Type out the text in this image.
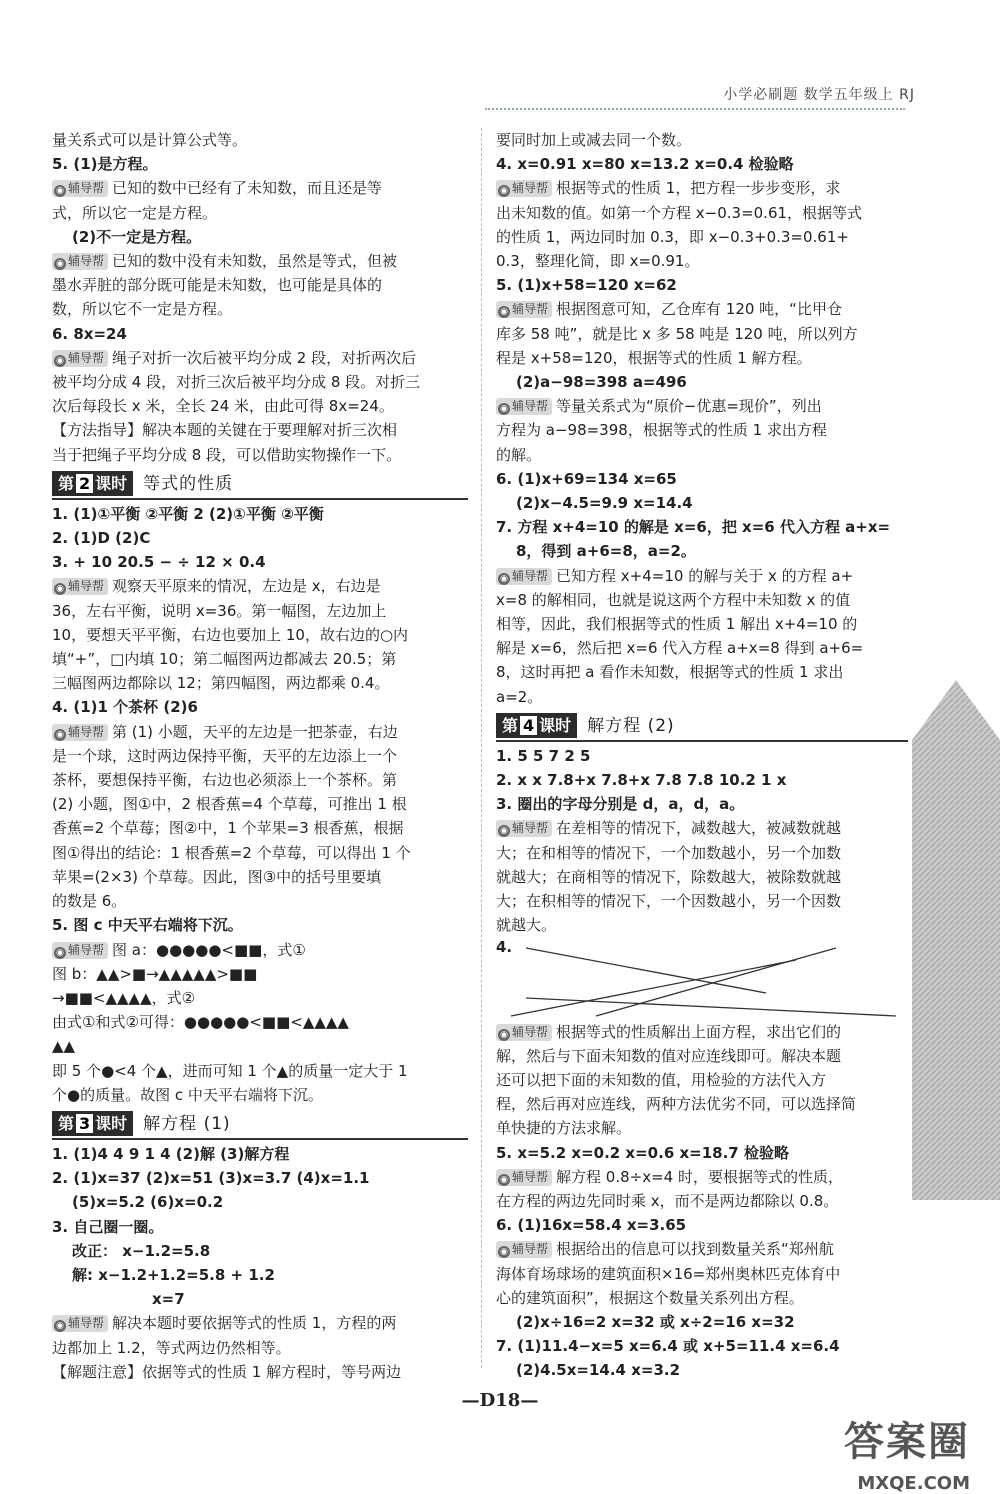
小学必刷题 数学五年级上 RJ
量关系式可以是计算公式等。
5. (1)是方程。
◉ 辅导帮 已知的数中已经有了未知数，而且还是等
式，所以它一定是方程。
(2)不一定是方程。
◉ 辅导帮 已知的数中没有未知数，虽然是等式，但被
墨水弄脏的部分既可能是未知数，也可能是具体的
数，所以它不一定是方程。
6. 8x=24
◉ 辅导帮 绳子对折一次后被平均分成 2 段，对折两次后
被平均分成 4 段，对折三次后被平均分成 8 段。对折三
次后每段长 x 米，全长 24 米，由此可得 8x=24。
【方法指导】解决本题的关键在于要理解对折三次相
当于把绳子平均分成 8 段，可以借助实物操作一下。
第 2 课时 等式的性质
1. (1)①平衡 ②平衡 2 (2)①平衡 ②平衡
2. (1)D (2)C
3. + 10 20.5 − ÷ 12 × 0.4
◉ 辅导帮 观察天平原来的情况，左边是 x，右边是
36，左右平衡，说明 x=36。第一幅图，左边加上
10，要想天平平衡，右边也要加上 10，故右边的○内
填“+”，□内填 10；第二幅图两边都减去 20.5；第
三幅图两边都除以 12；第四幅图，两边都乘 0.4。
4. (1)1 个茶杯 (2)6
◉ 辅导帮 第 (1) 小题，天平的左边是一把茶壶，右边
是一个球，这时两边保持平衡，天平的左边添上一个
茶杯，要想保持平衡，右边也必须添上一个茶杯。第
(2) 小题，图①中，2 根香蕉=4 个草莓，可推出 1 根
香蕉=2 个草莓；图②中，1 个苹果=3 根香蕉，根据
图①得出的结论：1 根香蕉=2 个草莓，可以得出 1 个
苹果=(2×3) 个草莓。因此，图③中的括号里要填
的数是 6。
5. 图 c 中天平右端将下沉。
◉ 辅导帮 图 a：●●●●●<■■，式①
图 b：▲▲>■→▲▲▲▲▲>■■
→■■<▲▲▲▲，式②
由式①和式②可得：●●●●●<■■<▲▲▲▲
▲▲
即 5 个●<4 个▲，进而可知 1 个▲的质量一定大于 1
个●的质量。故图 c 中天平右端将下沉。
第 3 课时 解方程 (1)
1. (1)4 4 9 1 4 (2)解 (3)解方程
2. (1)x=37 (2)x=51 (3)x=3.7 (4)x=1.1
(5)x=5.2 (6)x=0.2
3. 自己圈一圈。
改正： x−1.2=5.8
解: x−1.2+1.2=5.8 + 1.2
x=7
◉ 辅导帮 解决本题时要依据等式的性质 1，方程的两
边都加上 1.2，等式两边仍然相等。
【解题注意】依据等式的性质 1 解方程时，等号两边
要同时加上或减去同一个数。
4. x=0.91 x=80 x=13.2 x=0.4 检验略
◉ 辅导帮 根据等式的性质 1，把方程一步步变形，求
出未知数的值。如第一个方程 x−0.3=0.61，根据等式
的性质 1，两边同时加 0.3，即 x−0.3+0.3=0.61+
0.3，整理化简，即 x=0.91。
5. (1)x+58=120 x=62
◉ 辅导帮 根据图意可知，乙仓库有 120 吨，“比甲仓
库多 58 吨”，就是比 x 多 58 吨是 120 吨，所以列方
程是 x+58=120，根据等式的性质 1 解方程。
(2)a−98=398 a=496
◉ 辅导帮 等量关系式为“原价−优惠=现价”，列出
方程为 a−98=398，根据等式的性质 1 求出方程
的解。
6. (1)x+69=134 x=65
(2)x−4.5=9.9 x=14.4
7. 方程 x+4=10 的解是 x=6，把 x=6 代入方程 a+x=
8，得到 a+6=8，a=2。
◉ 辅导帮 已知方程 x+4=10 的解与关于 x 的方程 a+
x=8 的解相同，也就是说这两个方程中未知数 x 的值
相等，因此，我们根据等式的性质 1 解出 x+4=10 的
解是 x=6，然后把 x=6 代入方程 a+x=8 得到 a+6=
8，这时再把 a 看作未知数，根据等式的性质 1 求出
a=2。
第 4 课时 解方程 (2)
1. 5 5 7 2 5
2. x x 7.8+x 7.8+x 7.8 7.8 10.2 1 x
3. 圈出的字母分别是 d，a，d，a。
◉ 辅导帮 在差相等的情况下，减数越大，被减数就越
大；在和相等的情况下，一个加数越小，另一个加数
就越大；在商相等的情况下，除数越大，被除数就越
大；在积相等的情况下，一个因数越小，另一个因数
就越大。
4.
◉ 辅导帮 根据等式的性质解出上面方程，求出它们的
解，然后与下面未知数的值对应连线即可。解决本题
还可以把下面的未知数的值，用检验的方法代入方
程，然后再对应连线，两种方法优劣不同，可以选择简
单快捷的方法求解。
5. x=5.2 x=0.2 x=0.6 x=18.7 检验略
◉ 辅导帮 解方程 0.8÷x=4 时，要根据等式的性质，
在方程的两边先同时乘 x，而不是两边都除以 0.8。
6. (1)16x=58.4 x=3.65
◉ 辅导帮 根据给出的信息可以找到数量关系“郑州航
海体育场球场的建筑面积×16=郑州奥林匹克体育中
心的建筑面积”，根据这个数量关系列出方程。
(2)x÷16=2 x=32 或 x÷2=16 x=32
7. (1)11.4−x=5 x=6.4 或 x+5=11.4 x=6.4
(2)4.5x=14.4 x=3.2
—D18—
答案圈
MXQE.COM
